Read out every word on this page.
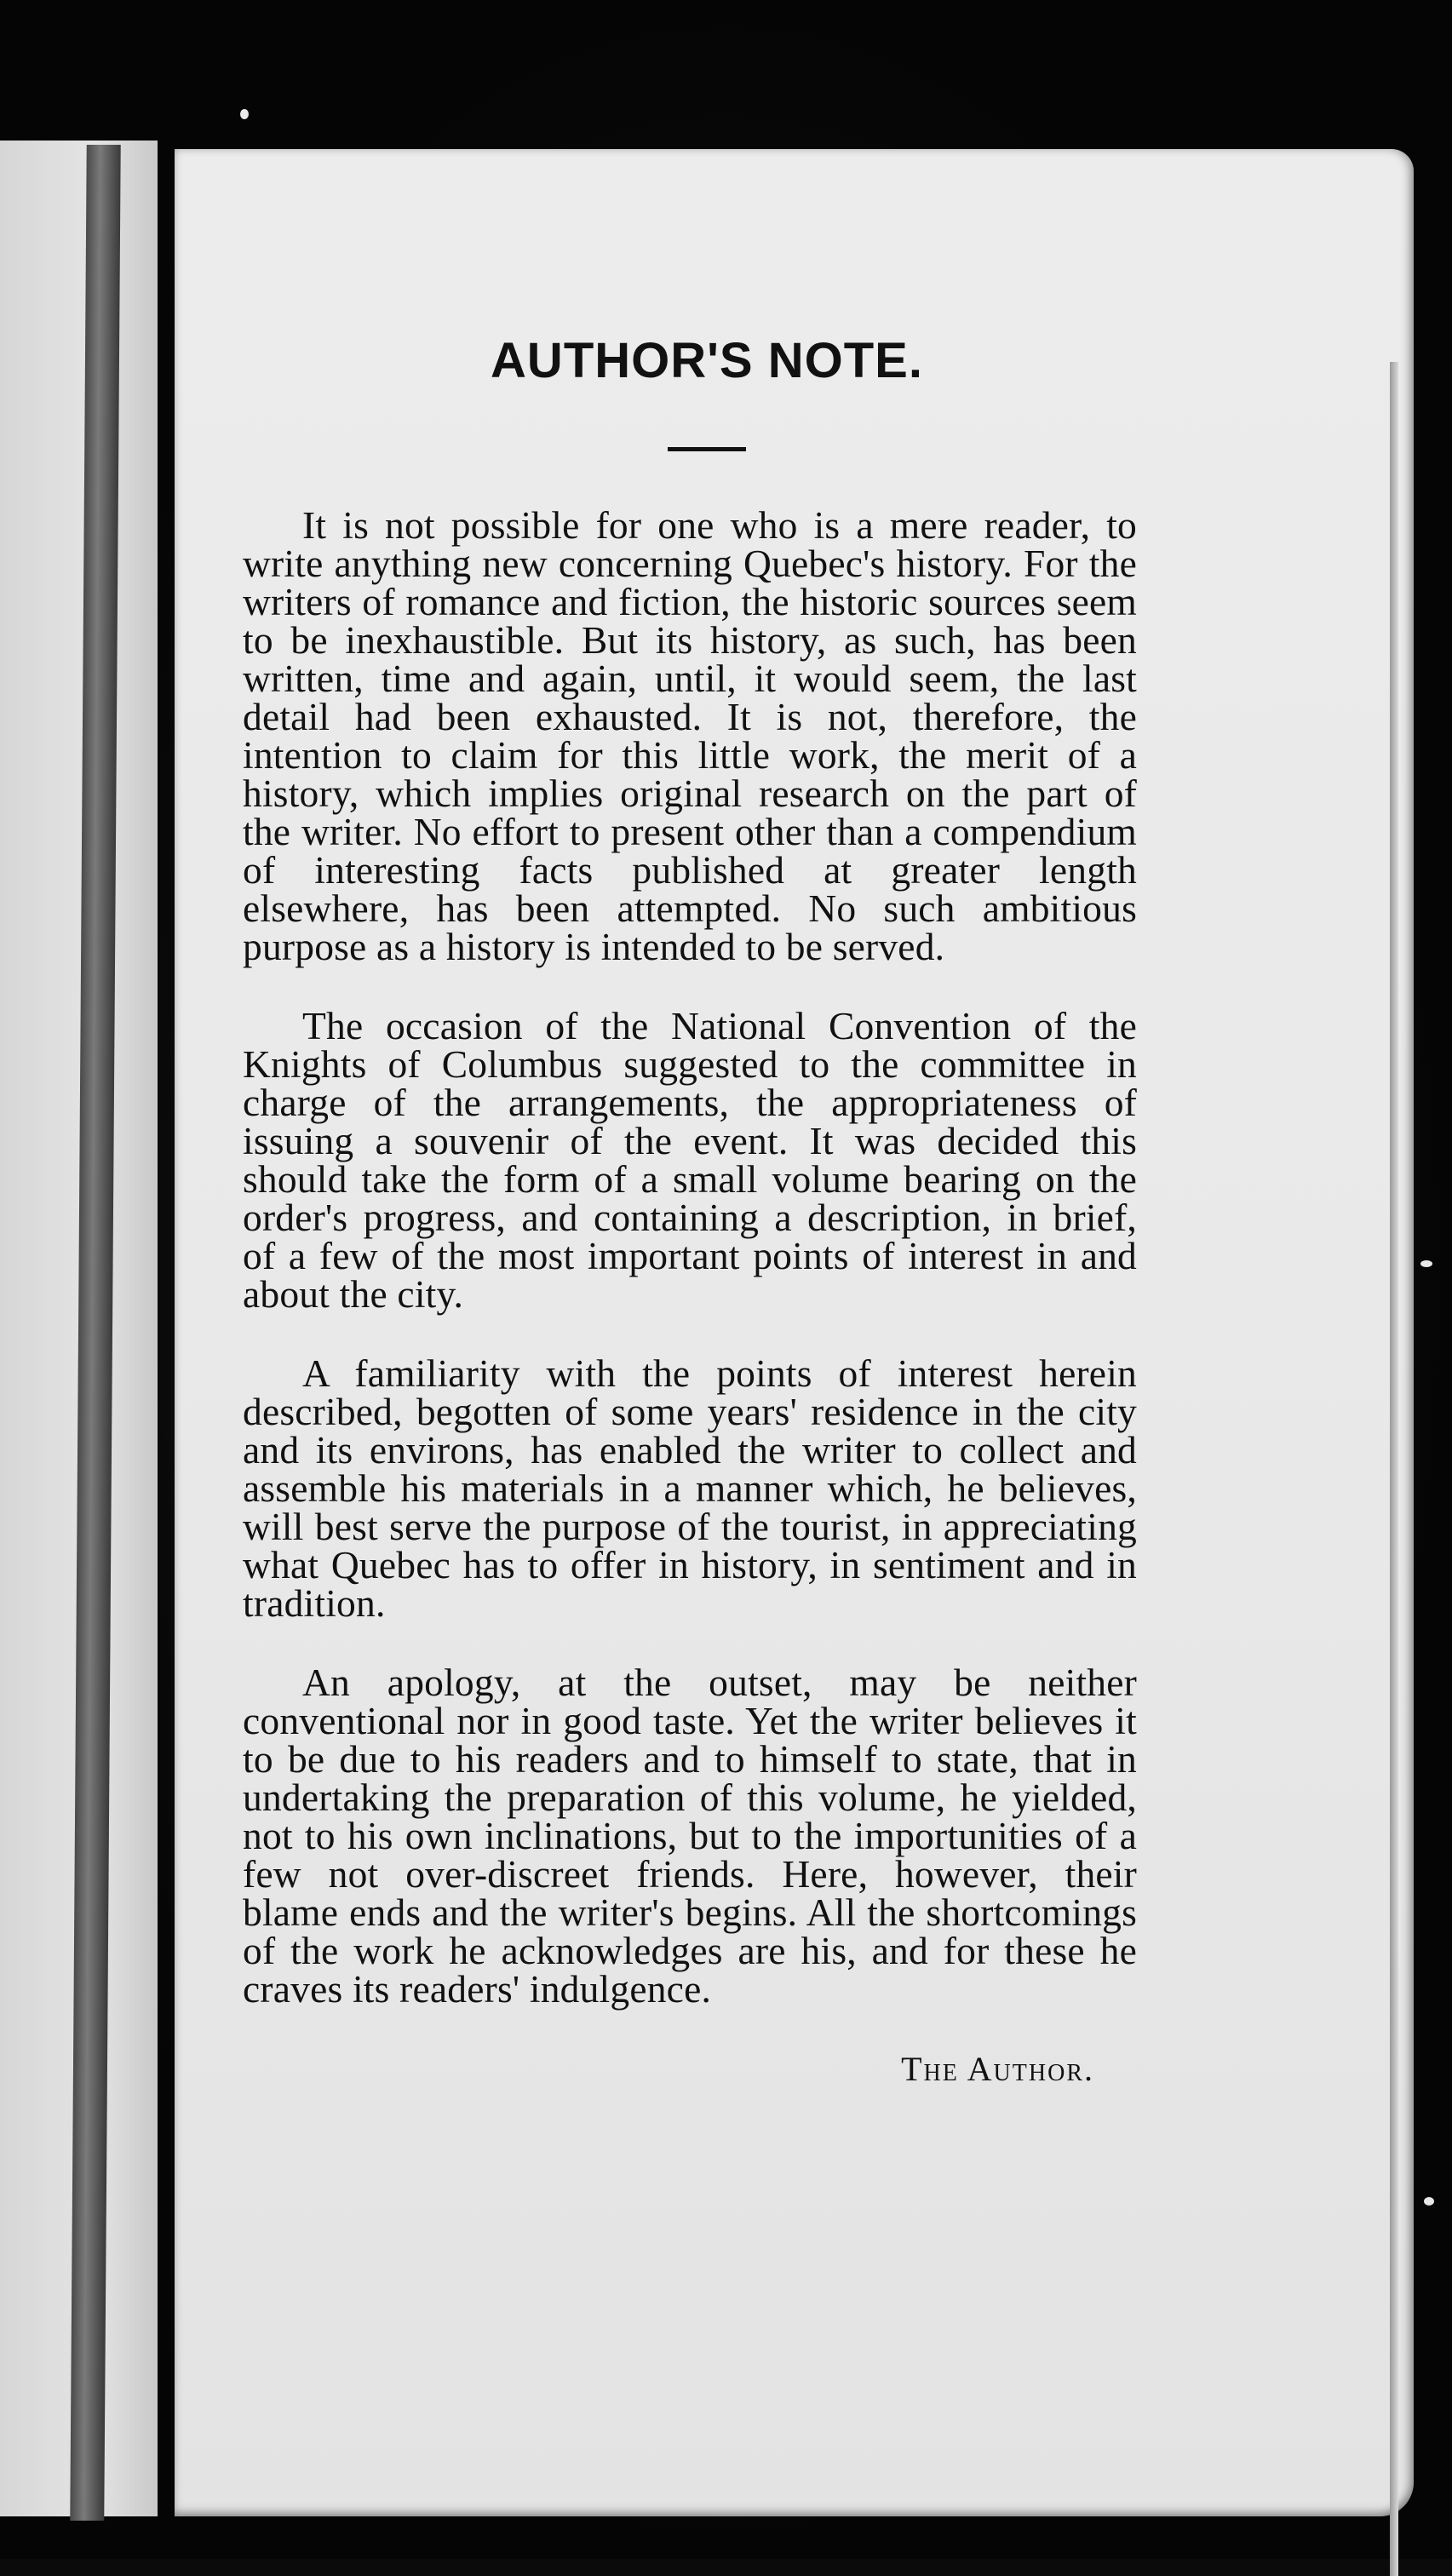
AUTHOR'S NOTE.

It is not possible for one who is a mere reader, to write anything new concerning Quebec's history. For the writers of romance and fiction, the historic sources seem to be inexhaustible. But its history, as such, has been written, time and again, until, it would seem, the last detail had been exhausted. It is not, therefore, the intention to claim for this little work, the merit of a history, which implies original research on the part of the writer. No effort to present other than a compendium of interesting facts published at greater length elsewhere, has been attempted. No such ambitious purpose as a history is intended to be served.

The occasion of the National Convention of the Knights of Columbus suggested to the committee in charge of the arrangements, the appropriateness of issuing a souvenir of the event. It was decided this should take the form of a small volume bearing on the order's progress, and containing a description, in brief, of a few of the most important points of interest in and about the city.

A familiarity with the points of interest herein described, begotten of some years' residence in the city and its environs, has enabled the writer to collect and assemble his materials in a manner which, he believes, will best serve the purpose of the tourist, in appreciating what Quebec has to offer in history, in sentiment and in tradition.

An apology, at the outset, may be neither conventional nor in good taste. Yet the writer believes it to be due to his readers and to himself to state, that in undertaking the preparation of this volume, he yielded, not to his own inclinations, but to the importunities of a few not over-discreet friends. Here, however, their blame ends and the writer's begins. All the shortcomings of the work he acknowledges are his, and for these he craves its readers' indulgence.

The Author.
